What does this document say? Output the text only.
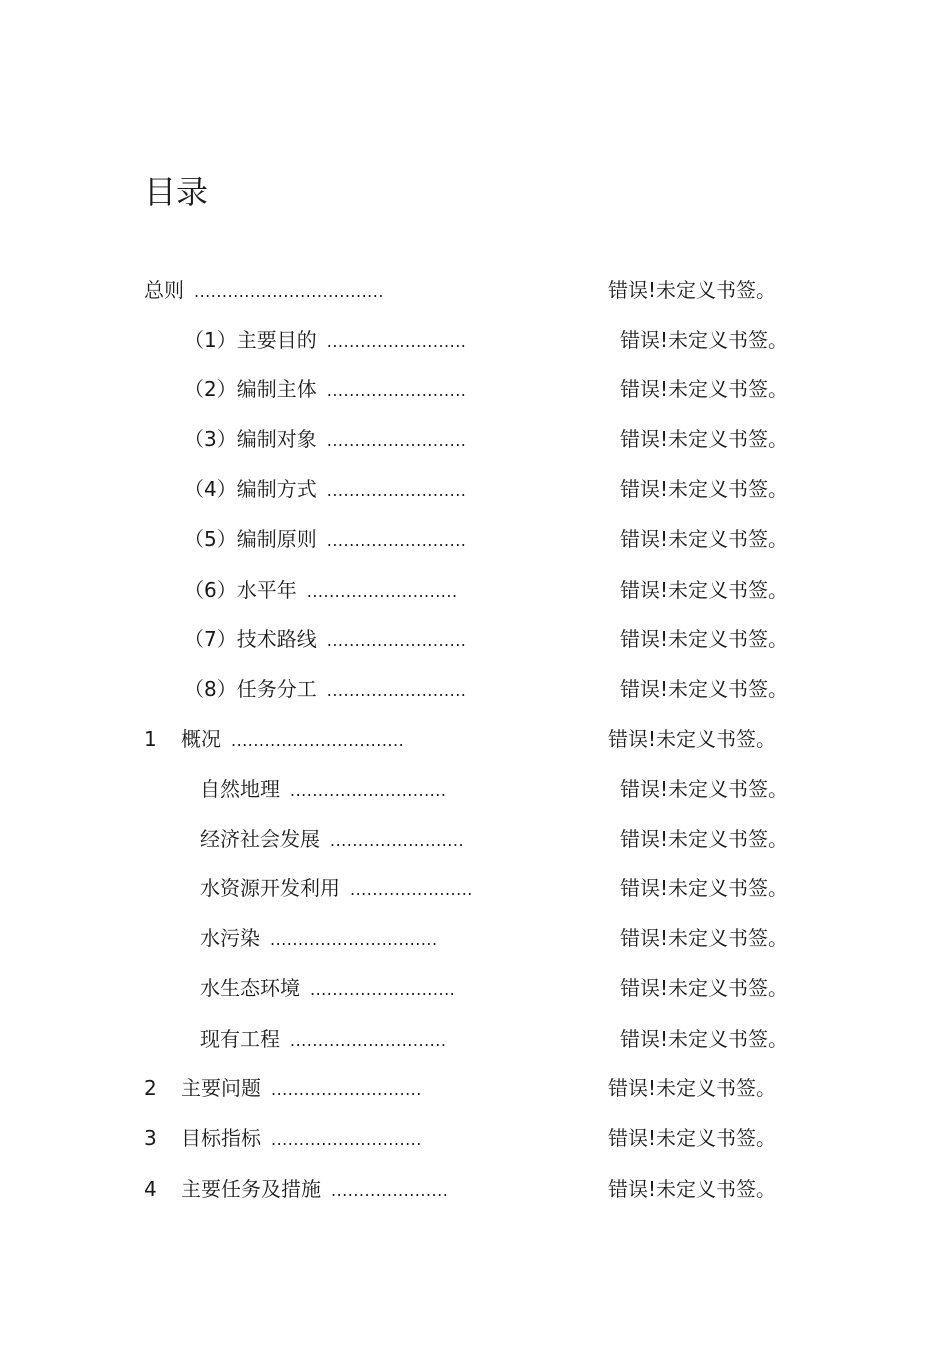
目录
总则 ..................................	错误!未定义书签。
（1）主要目的 .........................	错误!未定义书签。
（2）编制主体 .........................	错误!未定义书签。
（3）编制对象 .........................	错误!未定义书签。
（4）编制方式 .........................	错误!未定义书签。
（5）编制原则 .........................	错误!未定义书签。
（6）水平年 ...........................	错误!未定义书签。
（7）技术路线 .........................	错误!未定义书签。
（8）任务分工 .........................	错误!未定义书签。
1 概况 ...............................	错误!未定义书签。
自然地理 ............................	错误!未定义书签。
经济社会发展 ........................	错误!未定义书签。
水资源开发利用 ......................	错误!未定义书签。
水污染 ..............................	错误!未定义书签。
水生态环境 ..........................	错误!未定义书签。
现有工程 ............................	错误!未定义书签。
2 主要问题 ...........................	错误!未定义书签。
3 目标指标 ...........................	错误!未定义书签。
4 主要任务及措施 .....................	错误!未定义书签。
